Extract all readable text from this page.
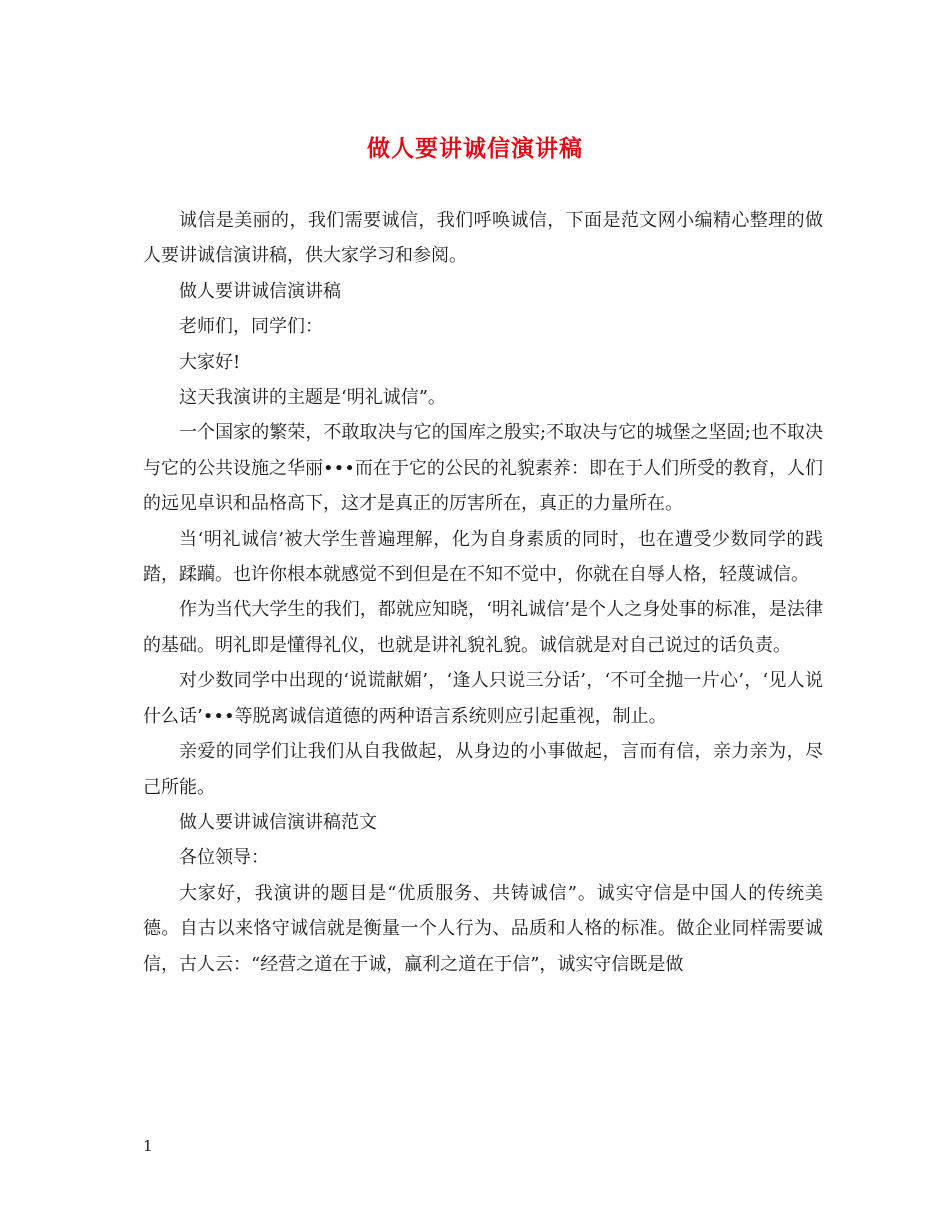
做人要讲诚信演讲稿

诚信是美丽的，我们需要诚信，我们呼唤诚信，下面是范文网小编精心整理的做人要讲诚信演讲稿，供大家学习和参阅。

做人要讲诚信演讲稿

老师们，同学们：

大家好!

这天我演讲的主题是‘明礼诚信”。

一个国家的繁荣，不敢取决与它的国库之殷实;不取决与它的城堡之坚固;也不取决与它的公共设施之华丽•••而在于它的公民的礼貌素养：即在于人们所受的教育，人们的远见卓识和品格高下，这才是真正的厉害所在，真正的力量所在。

当‘明礼诚信’被大学生普遍理解，化为自身素质的同时，也在遭受少数同学的践踏，蹂躏。也许你根本就感觉不到但是在不知不觉中，你就在自辱人格，轻蔑诚信。

作为当代大学生的我们，都就应知晓，‘明礼诚信’是个人之身处事的标准，是法律的基础。明礼即是懂得礼仪，也就是讲礼貌礼貌。诚信就是对自己说过的话负责。

对少数同学中出现的‘说谎献媚’，‘逢人只说三分话’，‘不可全抛一片心’，‘见人说什么话’•••等脱离诚信道德的两种语言系统则应引起重视，制止。

亲爱的同学们让我们从自我做起，从身边的小事做起，言而有信，亲力亲为，尽己所能。

做人要讲诚信演讲稿范文

各位领导：

大家好，我演讲的题目是“优质服务、共铸诚信”。诚实守信是中国人的传统美德。自古以来恪守诚信就是衡量一个人行为、品质和人格的标准。做企业同样需要诚信，古人云：“经营之道在于诚，赢利之道在于信”，诚实守信既是做

1
